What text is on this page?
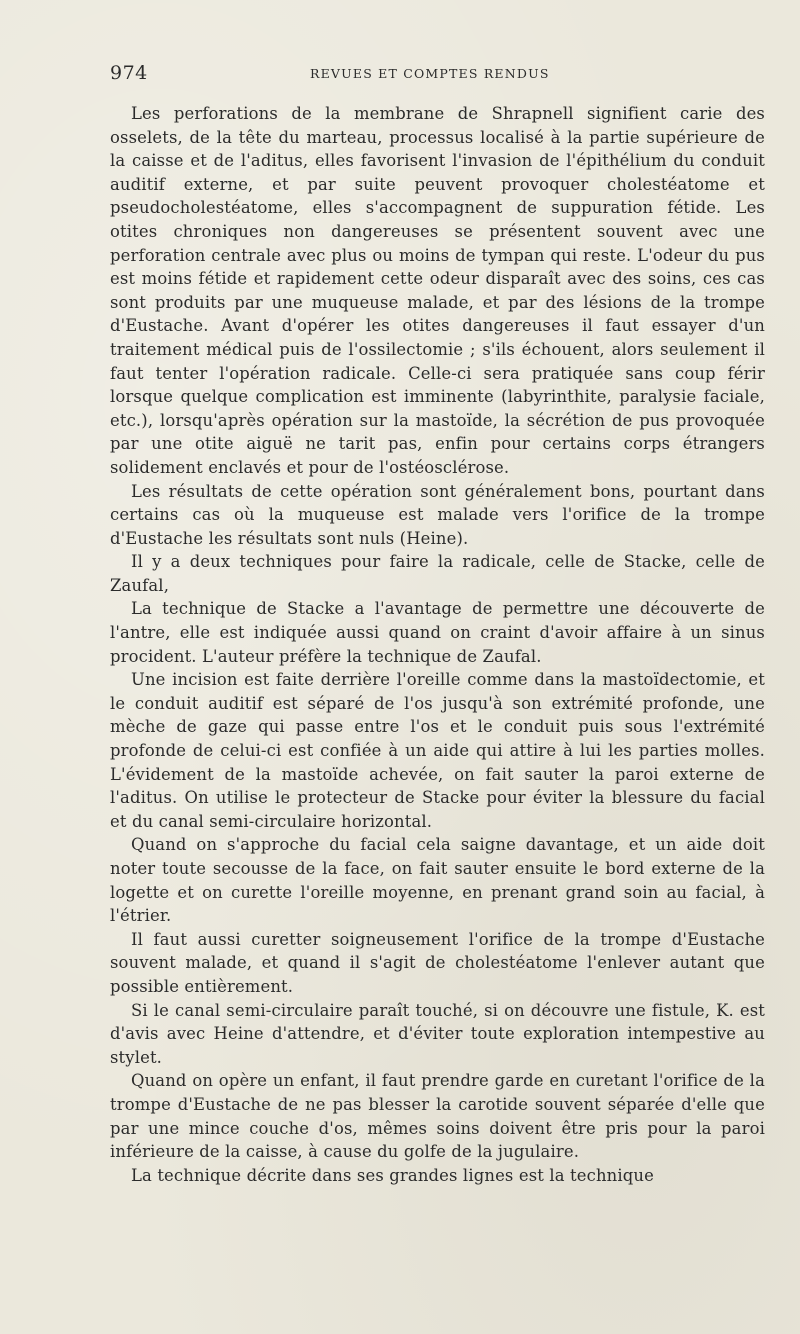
974	REVUES ET COMPTES RENDUS

Les perforations de la membrane de Shrapnell signifient carie des osselets, de la tête du marteau, processus localisé à la partie supérieure de la caisse et de l'aditus, elles favorisent l'invasion de l'épithélium du conduit auditif externe, et par suite peuvent provoquer cholestéatome et pseudocholestéatome, elles s'accompagnent de suppuration fétide. Les otites chroniques non dangereuses se présentent souvent avec une perforation centrale avec plus ou moins de tympan qui reste. L'odeur du pus est moins fétide et rapidement cette odeur disparaît avec des soins, ces cas sont produits par une muqueuse malade, et par des lésions de la trompe d'Eustache. Avant d'opérer les otites dangereuses il faut essayer d'un traitement médical puis de l'ossilectomie ; s'ils échouent, alors seulement il faut tenter l'opération radicale. Celle-ci sera pratiquée sans coup férir lorsque quelque complication est imminente (labyrinthite, paralysie faciale, etc.), lorsqu'après opération sur la mastoïde, la sécrétion de pus provoquée par une otite aiguë ne tarit pas, enfin pour certains corps étrangers solidement enclavés et pour de l'ostéosclérose.

Les résultats de cette opération sont généralement bons, pourtant dans certains cas où la muqueuse est malade vers l'orifice de la trompe d'Eustache les résultats sont nuls (Heine).

Il y a deux techniques pour faire la radicale, celle de Stacke, celle de Zaufal,

La technique de Stacke a l'avantage de permettre une découverte de l'antre, elle est indiquée aussi quand on craint d'avoir affaire à un sinus procident. L'auteur préfère la technique de Zaufal.

Une incision est faite derrière l'oreille comme dans la mastoïdectomie, et le conduit auditif est séparé de l'os jusqu'à son extrémité profonde, une mèche de gaze qui passe entre l'os et le conduit puis sous l'extrémité profonde de celui-ci est confiée à un aide qui attire à lui les parties molles. L'évidement de la mastoïde achevée, on fait sauter la paroi externe de l'aditus. On utilise le protecteur de Stacke pour éviter la blessure du facial et du canal semi-circulaire horizontal.

Quand on s'approche du facial cela saigne davantage, et un aide doit noter toute secousse de la face, on fait sauter ensuite le bord externe de la logette et on curette l'oreille moyenne, en prenant grand soin au facial, à l'étrier.

Il faut aussi curetter soigneusement l'orifice de la trompe d'Eustache souvent malade, et quand il s'agit de cholestéatome l'enlever autant que possible entièrement.

Si le canal semi-circulaire paraît touché, si on découvre une fistule, K. est d'avis avec Heine d'attendre, et d'éviter toute exploration intempestive au stylet.

Quand on opère un enfant, il faut prendre garde en curetant l'orifice de la trompe d'Eustache de ne pas blesser la carotide souvent séparée d'elle que par une mince couche d'os, mêmes soins doivent être pris pour la paroi inférieure de la caisse, à cause du golfe de la jugulaire.

La technique décrite dans ses grandes lignes est la technique
